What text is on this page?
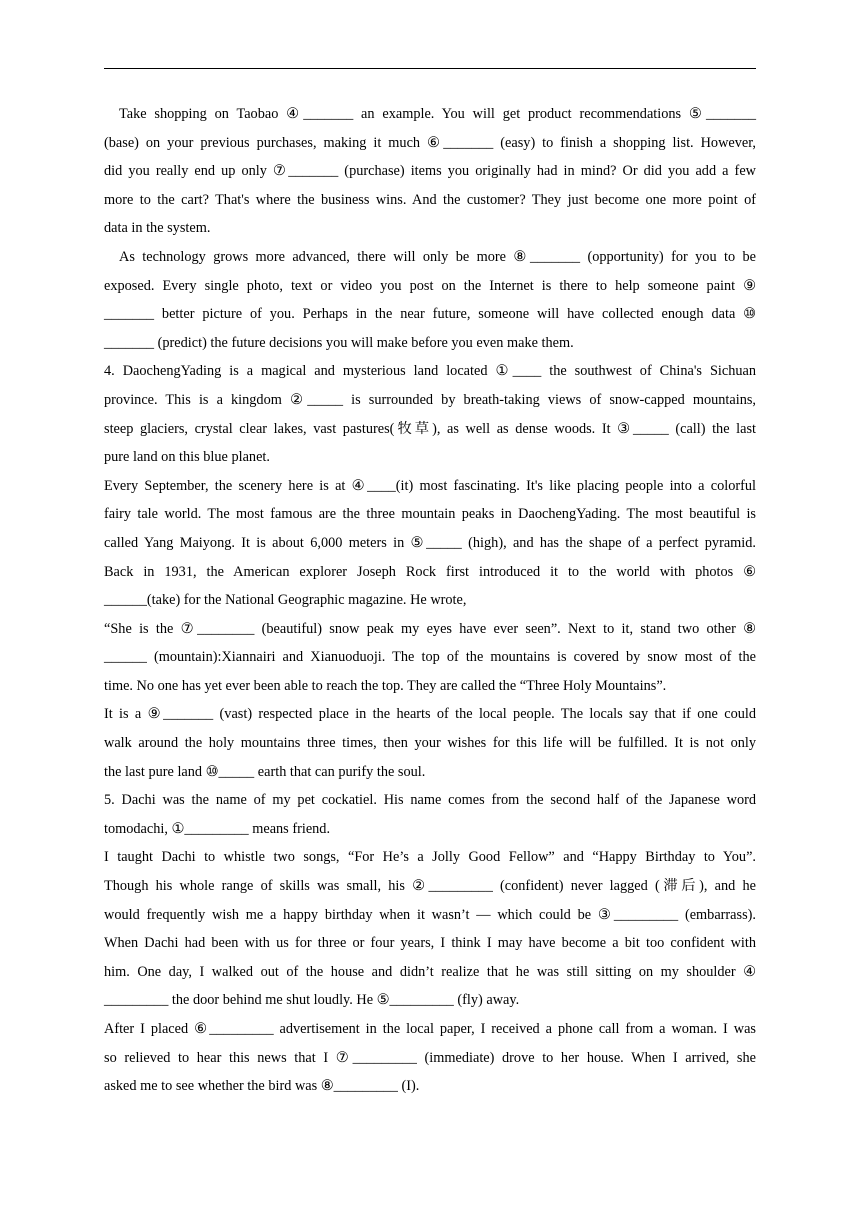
Take shopping on Taobao ④_______ an example. You will get product recommendations ⑤_______
(base) on your previous purchases, making it much ⑥_______ (easy) to finish a shopping list. However,
did you really end up only ⑦_______ (purchase) items you originally had in mind? Or did you add a few
more to the cart? That's where the business wins. And the customer? They just become one more point of
data in the system.
As technology grows more advanced, there will only be more ⑧_______ (opportunity) for you to be
exposed. Every single photo, text or video you post on the Internet is there to help someone paint ⑨
_______ better picture of you. Perhaps in the near future, someone will have collected enough data ⑩
_______ (predict) the future decisions you will make before you even make them.
4. DaochengYading is a magical and mysterious land located ①____ the southwest of China's Sichuan
province. This is a kingdom ②_____ is surrounded by breath-taking views of snow-capped mountains,
steep glaciers, crystal clear lakes, vast pastures(牧草), as well as dense woods. It ③_____ (call) the last
pure land on this blue planet.
Every September, the scenery here is at ④____(it) most fascinating. It's like placing people into a colorful
fairy tale world. The most famous are the three mountain peaks in DaochengYading. The most beautiful is
called Yang Maiyong. It is about 6,000 meters in ⑤_____ (high), and has the shape of a perfect pyramid.
Back in 1931, the American explorer Joseph Rock first introduced it to the world with photos ⑥
______(take) for the National Geographic magazine. He wrote,
“She is the ⑦________ (beautiful) snow peak my eyes have ever seen”. Next to it, stand two other ⑧
______ (mountain):Xiannairi and Xianuoduoji. The top of the mountains is covered by snow most of the
time. No one has yet ever been able to reach the top. They are called the “Three Holy Mountains”.
It is a ⑨_______ (vast) respected place in the hearts of the local people. The locals say that if one could
walk around the holy mountains three times, then your wishes for this life will be fulfilled. It is not only
the last pure land ⑩_____ earth that can purify the soul.
5. Dachi was the name of my pet cockatiel. His name comes from the second half of the Japanese word
tomodachi, ①_________ means friend.
I taught Dachi to whistle two songs, “For He’s a Jolly Good Fellow” and “Happy Birthday to You”.
Though his whole range of skills was small, his ②_________ (confident) never lagged (滞后), and he
would frequently wish me a happy birthday when it wasn’t — which could be ③_________ (embarrass).
When Dachi had been with us for three or four years, I think I may have become a bit too confident with
him. One day, I walked out of the house and didn’t realize that he was still sitting on my shoulder ④
_________ the door behind me shut loudly. He ⑤_________ (fly) away.
After I placed ⑥_________ advertisement in the local paper, I received a phone call from a woman. I was
so relieved to hear this news that I ⑦_________ (immediate) drove to her house. When I arrived, she
asked me to see whether the bird was ⑧_________ (I).
